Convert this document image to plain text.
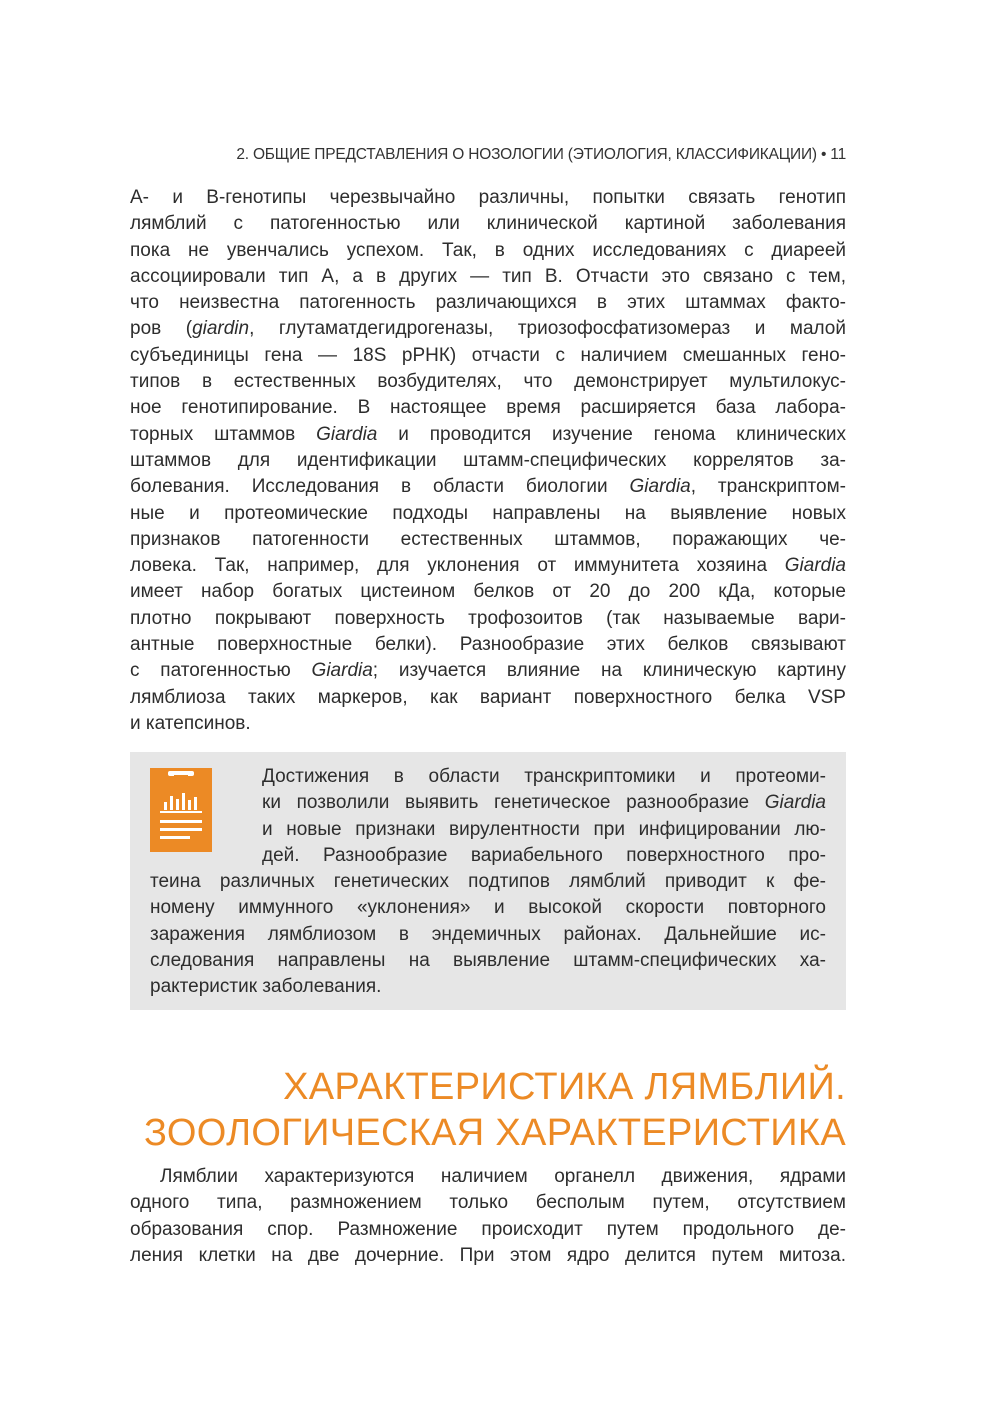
2. ОБЩИЕ ПРЕДСТАВЛЕНИЯ О НОЗОЛОГИИ (ЭТИОЛОГИЯ, КЛАССИФИКАЦИИ) • 11
А- и В-генотипы черезвычайно различны, попытки связать генотип
лямблий с патогенностью или клинической картиной заболевания
пока не увенчались успехом. Так, в одних исследованиях с диареей
ассоциировали тип А, а в других — тип В. Отчасти это связано с тем,
что неизвестна патогенность различающихся в этих штаммах факто-
ров (giardin, глутаматдегидрогеназы, триозофосфатизомераз и малой
субъединицы гена — 18S рРНК) отчасти с наличием смешанных гено-
типов в естественных возбудителях, что демонстрирует мультилокус-
ное генотипирование. В настоящее время расширяется база лабора-
торных штаммов Giardia и проводится изучение генома клинических
штаммов для идентификации штамм-специфических коррелятов за-
болевания. Исследования в области биологии Giardia, транскриптом-
ные и протеомические подходы направлены на выявление новых
признаков патогенности естественных штаммов, поражающих че-
ловека. Так, например, для уклонения от иммунитета хозяина Giardia
имеет набор богатых цистеином белков от 20 до 200 кДа, которые
плотно покрывают поверхность трофозоитов (так называемые вари-
антные поверхностные белки). Разнообразие этих белков связывают
с патогенностью Giardia; изучается влияние на клиническую картину
лямблиоза таких маркеров, как вариант поверхностного белка VSP
и катепсинов.
Достижения в области транскриптомики и протеоми-
ки позволили выявить генетическое разнообразие Giardia
и новые признаки вирулентности при инфицировании лю-
дей. Разнообразие вариабельного поверхностного про-
теина различных генетических подтипов лямблий приводит к фе-
номену иммунного «уклонения» и высокой скорости повторного
заражения лямблиозом в эндемичных районах. Дальнейшие ис-
следования направлены на выявление штамм-специфических ха-
рактеристик заболевания.
ХАРАКТЕРИСТИКА ЛЯМБЛИЙ.
ЗООЛОГИЧЕСКАЯ ХАРАКТЕРИСТИКА
Лямблии характеризуются наличием органелл движения, ядрами
одного типа, размножением только бесполым путем, отсутствием
образования спор. Размножение происходит путем продольного де-
ления клетки на две дочерние. При этом ядро делится путем митоза.
